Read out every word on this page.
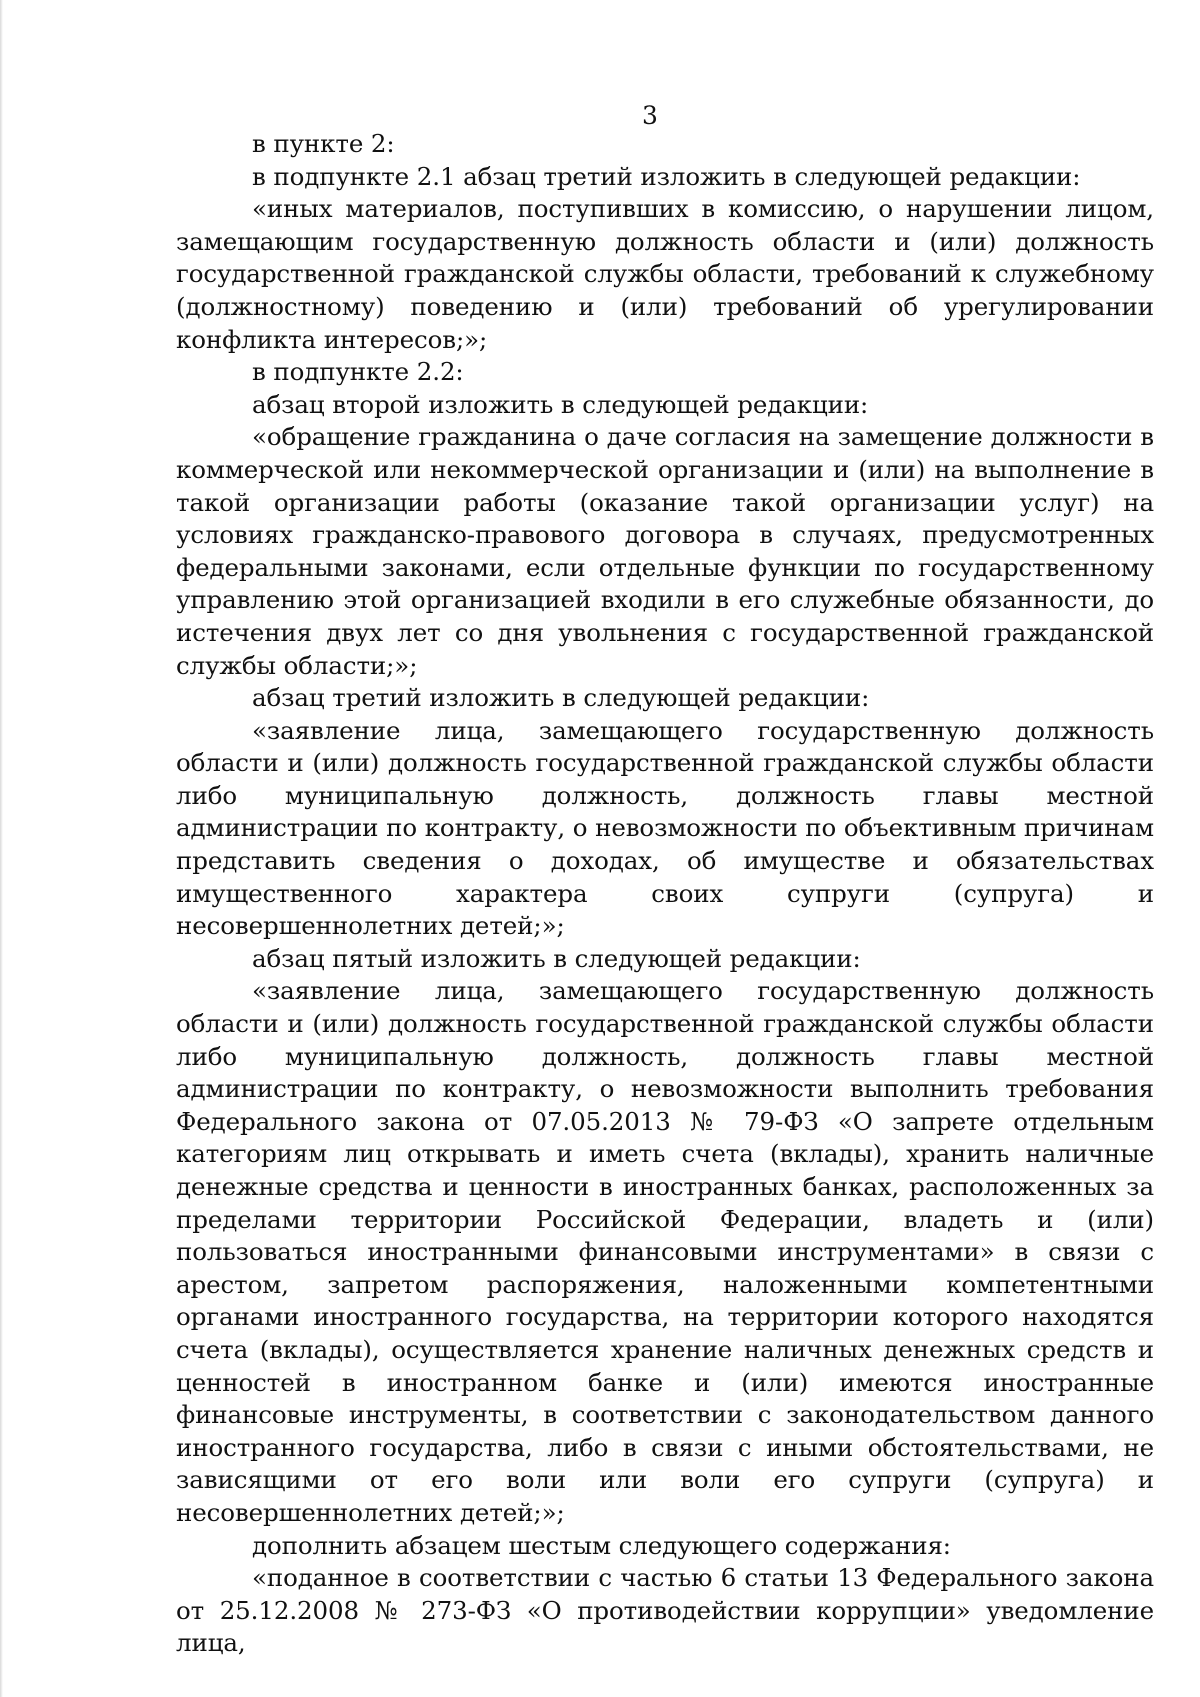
3

в пункте 2:

в подпункте 2.1 абзац третий изложить в следующей редакции:

«иных материалов, поступивших в комиссию, о нарушении лицом, замещающим государственную должность области и (или) должность государственной гражданской службы области, требований к служебному (должностному) поведению и (или) требований об урегулировании конфликта интересов;»;

в подпункте 2.2:

абзац второй изложить в следующей редакции:

«обращение гражданина о даче согласия на замещение должности в коммерческой или некоммерческой организации и (или) на выполнение в такой организации работы (оказание такой организации услуг) на условиях гражданско-правового договора в случаях, предусмотренных федеральными законами, если отдельные функции по государственному управлению этой организацией входили в его служебные обязанности, до истечения двух лет со дня увольнения с государственной гражданской службы области;»;

абзац третий изложить в следующей редакции:

«заявление лица, замещающего государственную должность области и (или) должность государственной гражданской службы области либо муниципальную должность, должность главы местной администрации по контракту, о невозможности по объективным причинам представить сведения о доходах, об имуществе и обязательствах имущественного характера своих супруги (супруга) и несовершеннолетних детей;»;

абзац пятый изложить в следующей редакции:

«заявление лица, замещающего государственную должность области и (или) должность государственной гражданской службы области либо муниципальную должность, должность главы местной администрации по контракту, о невозможности выполнить требования Федерального закона от 07.05.2013 № 79-ФЗ «О запрете отдельным категориям лиц открывать и иметь счета (вклады), хранить наличные денежные средства и ценности в иностранных банках, расположенных за пределами территории Российской Федерации, владеть и (или) пользоваться иностранными финансовыми инструментами» в связи с арестом, запретом распоряжения, наложенными компетентными органами иностранного государства, на территории которого находятся счета (вклады), осуществляется хранение наличных денежных средств и ценностей в иностранном банке и (или) имеются иностранные финансовые инструменты, в соответствии с законодательством данного иностранного государства, либо в связи с иными обстоятельствами, не зависящими от его воли или воли его супруги (супруга) и несовершеннолетних детей;»;

дополнить абзацем шестым следующего содержания:

«поданное в соответствии с частью 6 статьи 13 Федерального закона от 25.12.2008 № 273-ФЗ «О противодействии коррупции» уведомление лица,
